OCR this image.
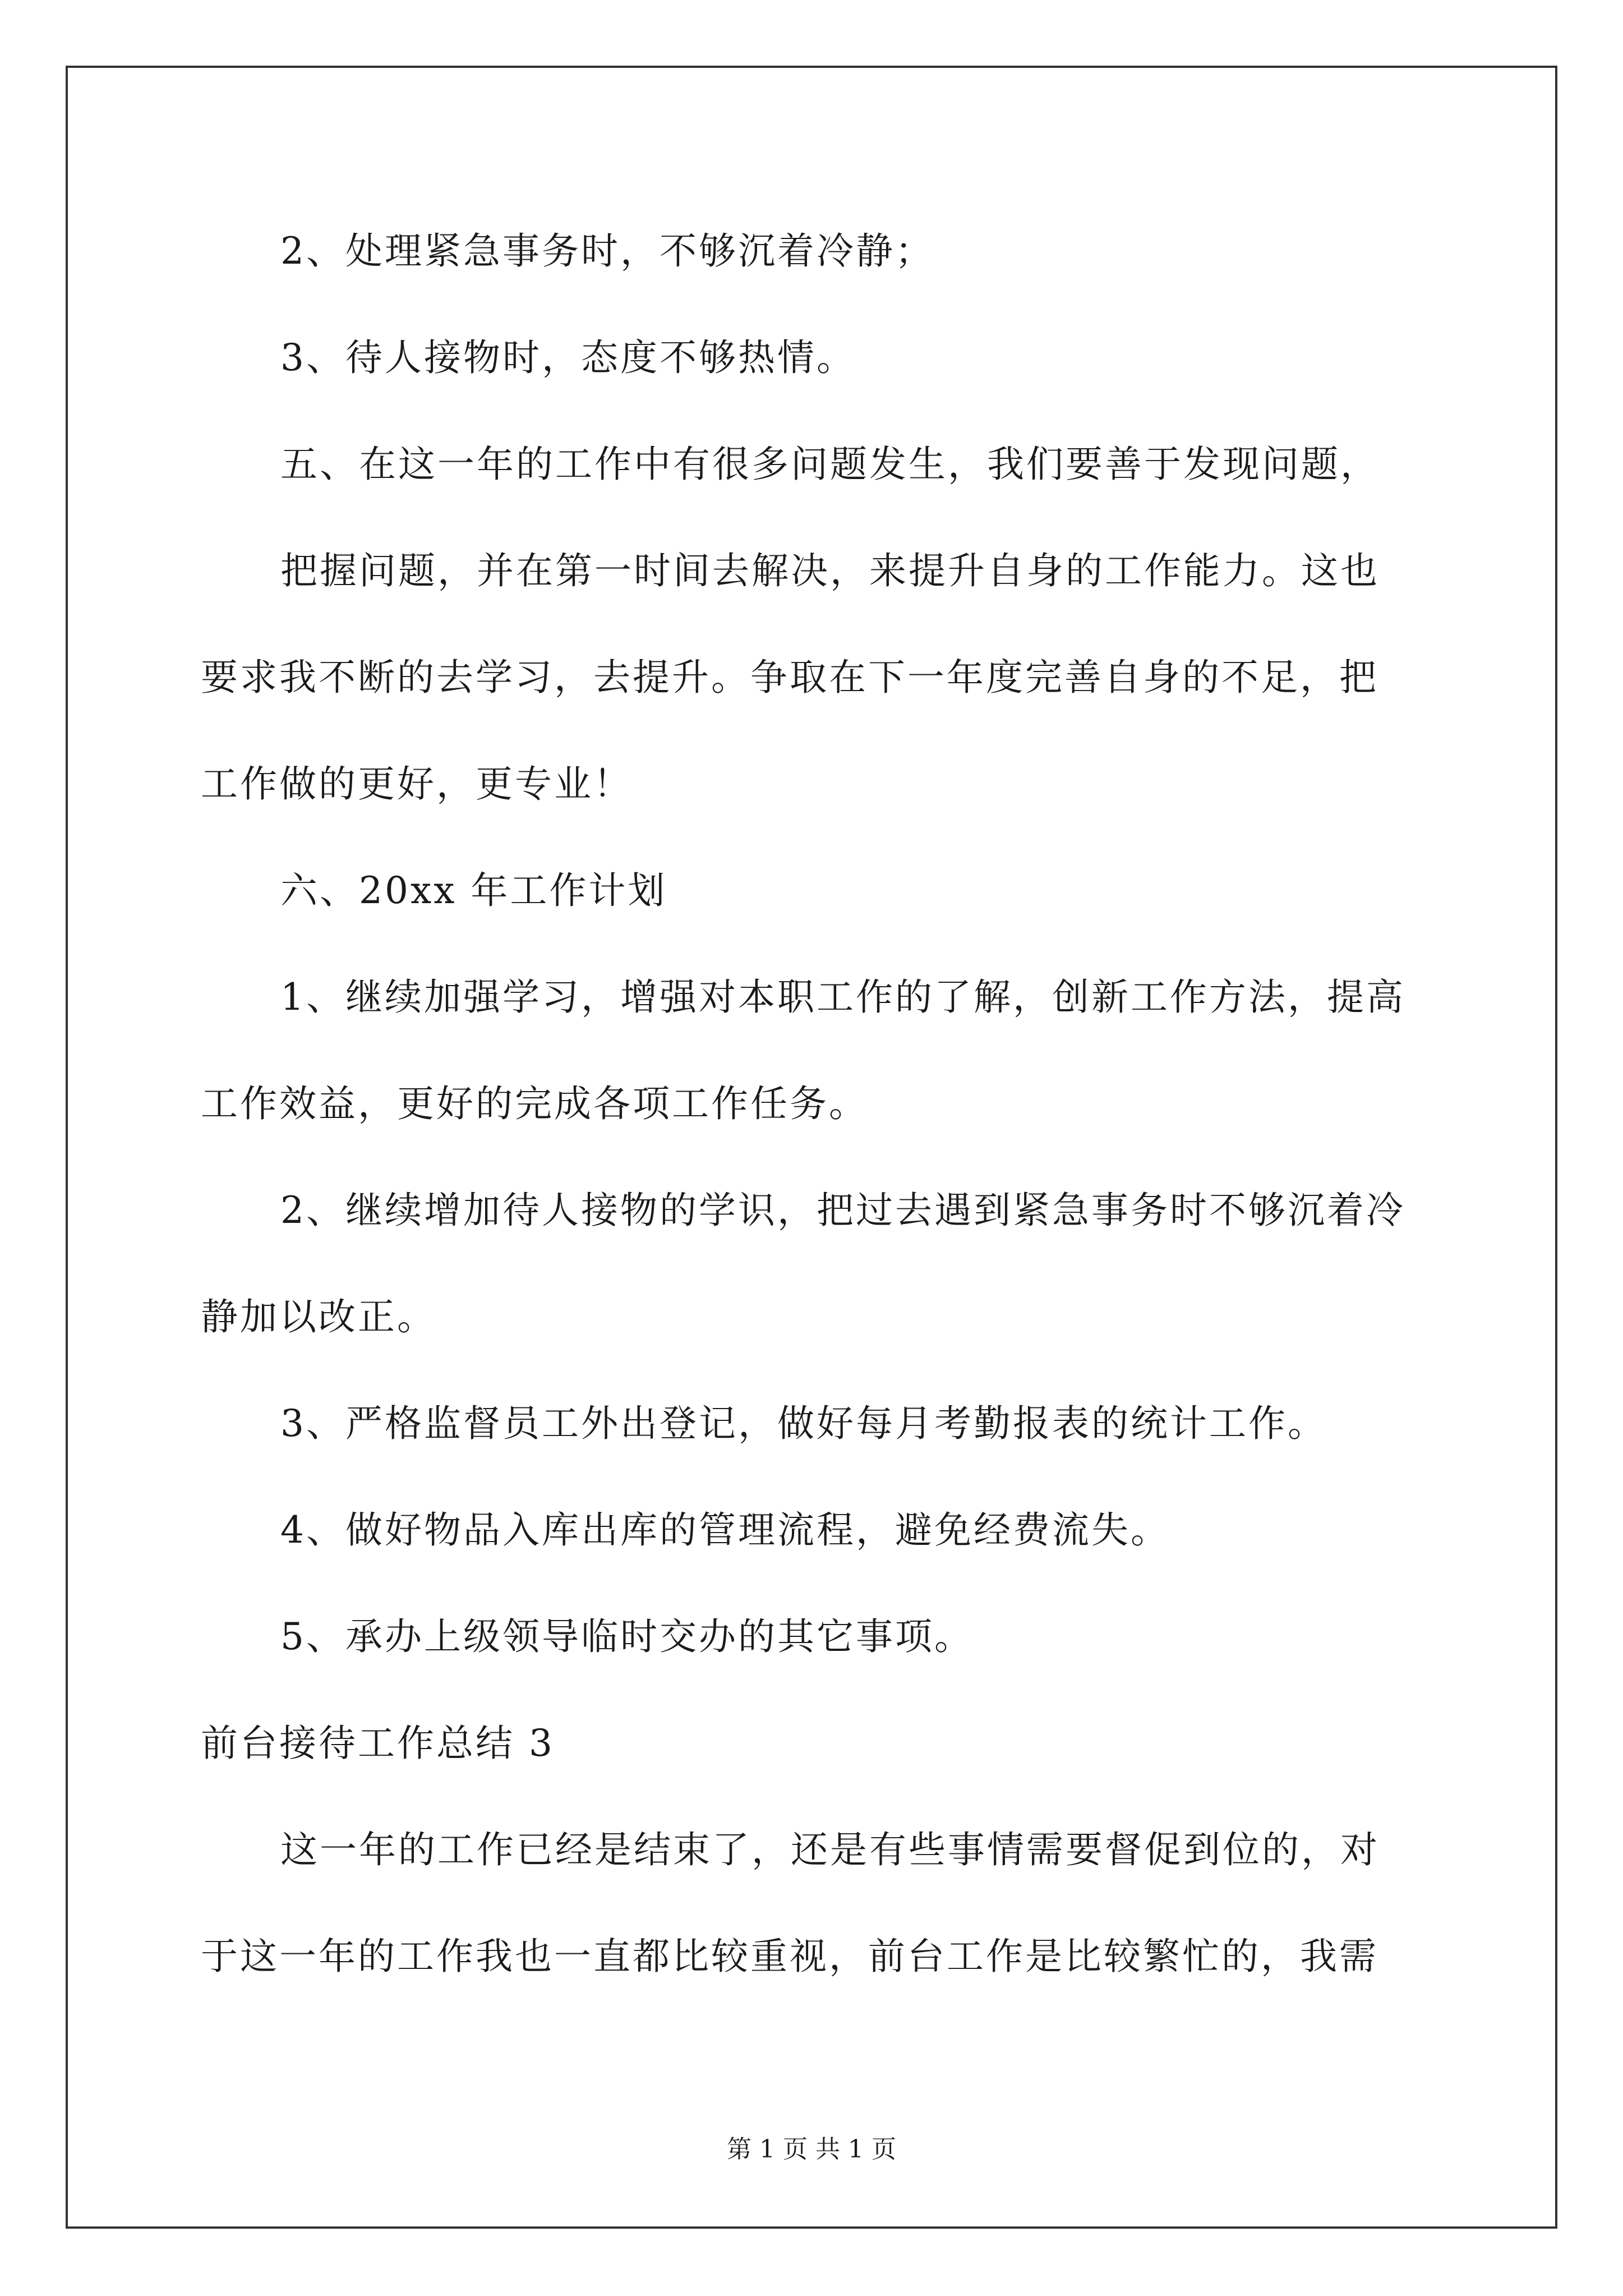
2、处理紧急事务时，不够沉着冷静；
3、待人接物时，态度不够热情。
五、在这一年的工作中有很多问题发生，我们要善于发现问题，
把握问题，并在第一时间去解决，来提升自身的工作能力。这也
要求我不断的去学习，去提升。争取在下一年度完善自身的不足，把
工作做的更好，更专业！
六、20xx 年工作计划
1、继续加强学习，增强对本职工作的了解，创新工作方法，提高
工作效益，更好的完成各项工作任务。
2、继续增加待人接物的学识，把过去遇到紧急事务时不够沉着冷
静加以改正。
3、严格监督员工外出登记，做好每月考勤报表的统计工作。
4、做好物品入库出库的管理流程，避免经费流失。
5、承办上级领导临时交办的其它事项。
前台接待工作总结 3
这一年的工作已经是结束了，还是有些事情需要督促到位的，对
于这一年的工作我也一直都比较重视，前台工作是比较繁忙的，我需
第 1 页 共 1 页
